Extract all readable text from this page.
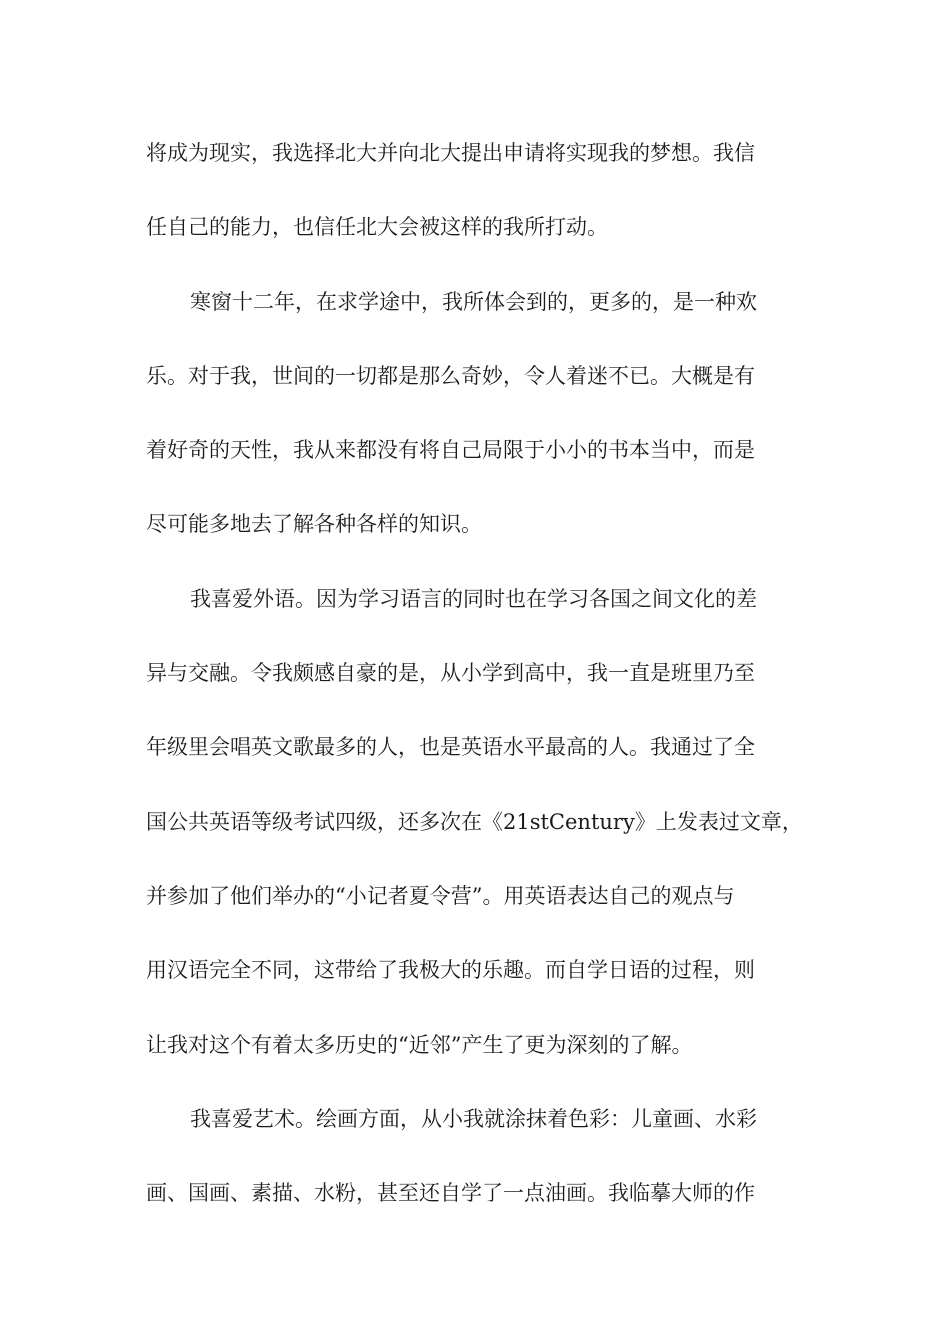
将成为现实，我选择北大并向北大提出申请将实现我的梦想。我信
任自己的能力，也信任北大会被这样的我所打动。
寒窗十二年，在求学途中，我所体会到的，更多的，是一种欢
乐。对于我，世间的一切都是那么奇妙，令人着迷不已。大概是有
着好奇的天性，我从来都没有将自己局限于小小的书本当中，而是
尽可能多地去了解各种各样的知识。
我喜爱外语。因为学习语言的同时也在学习各国之间文化的差
异与交融。令我颇感自豪的是，从小学到高中，我一直是班里乃至
年级里会唱英文歌最多的人，也是英语水平最高的人。我通过了全
国公共英语等级考试四级，还多次在《21stCentury》上发表过文章，
并参加了他们举办的“小记者夏令营”。用英语表达自己的观点与
用汉语完全不同，这带给了我极大的乐趣。而自学日语的过程，则
让我对这个有着太多历史的“近邻”产生了更为深刻的了解。
我喜爱艺术。绘画方面，从小我就涂抹着色彩：儿童画、水彩
画、国画、素描、水粉，甚至还自学了一点油画。我临摹大师的作
